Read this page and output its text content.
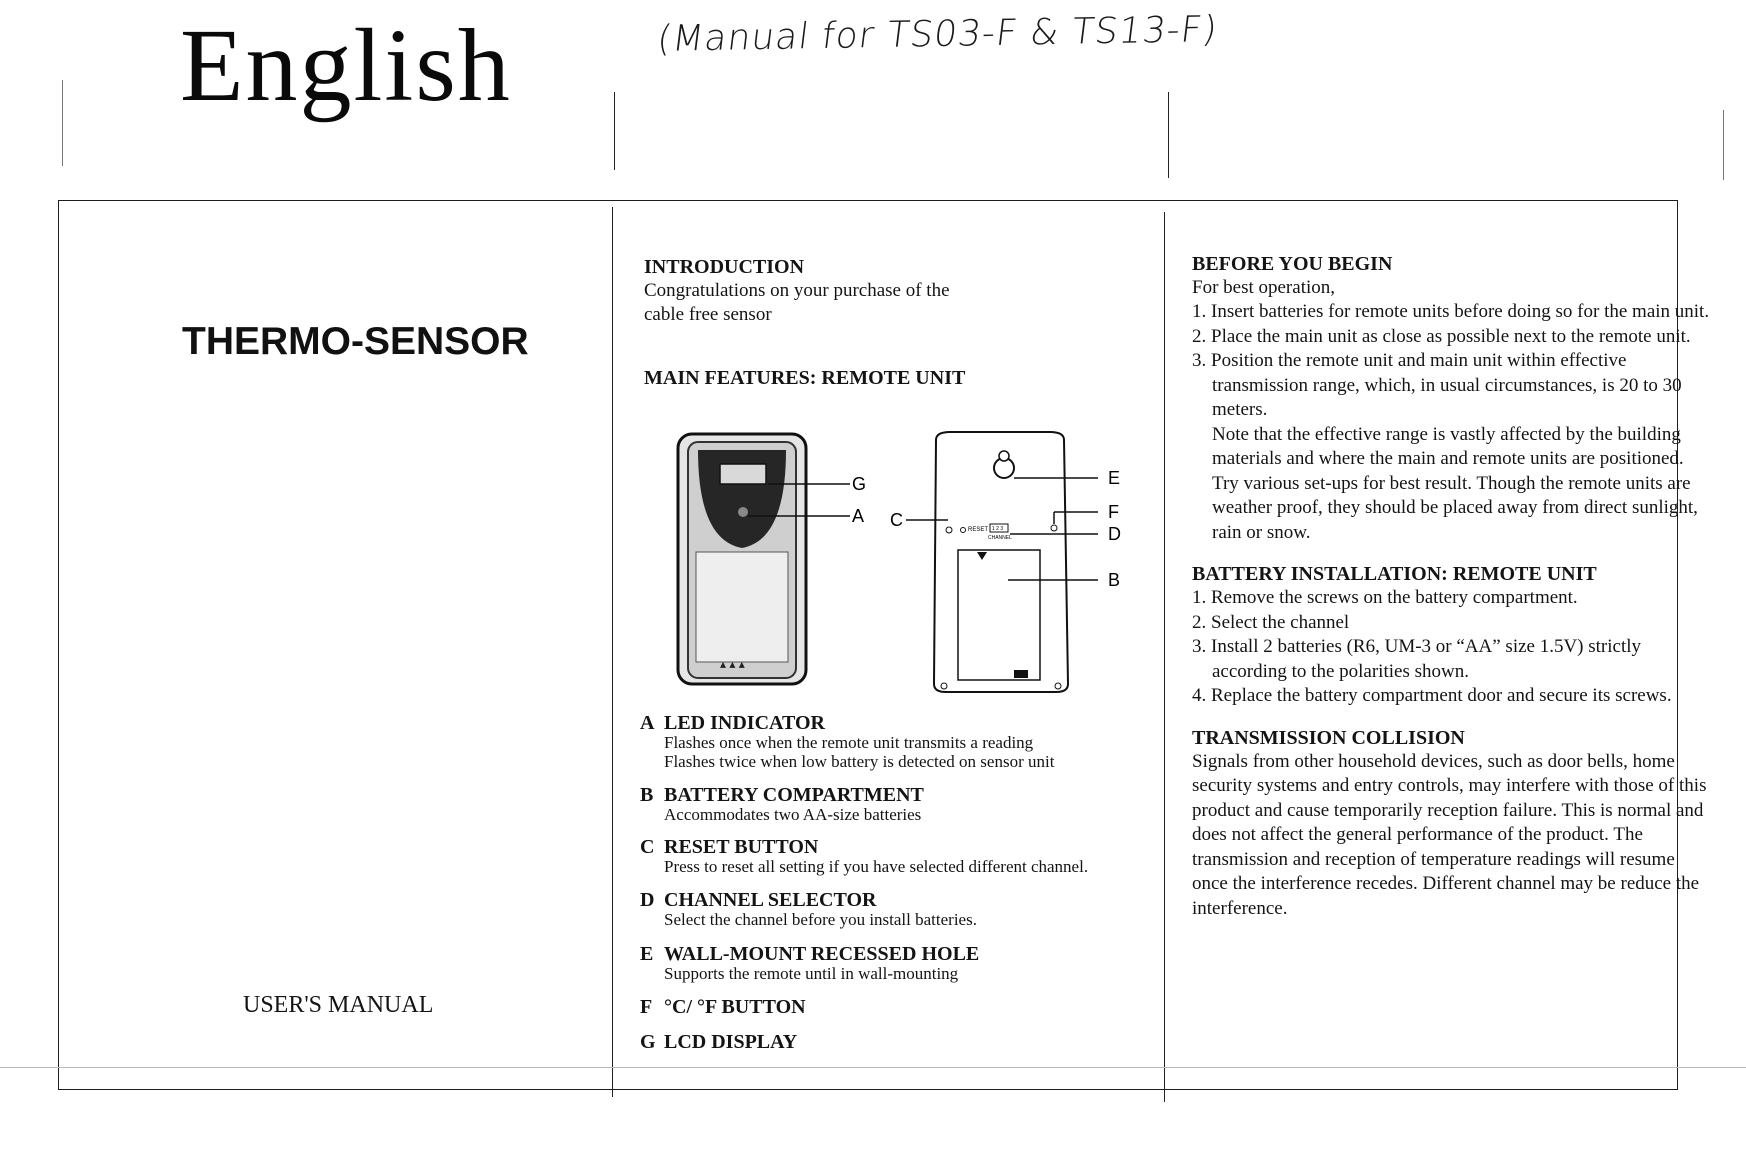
English	(Manual for TS03-F & TS13-F)
THERMO-SENSOR
USER'S MANUAL
INTRODUCTION
Congratulations on your purchase of the
cable free sensor
MAIN FEATURES: REMOTE UNIT
▴ ▴ ▴
G
A
RESET 1 2 3
CHANNEL
E
C	F
D
B
A LED INDICATOR
Flashes once when the remote unit transmits a reading
Flashes twice when low battery is detected on sensor unit
B BATTERY COMPARTMENT
Accommodates two AA-size batteries
C RESET BUTTON
Press to reset all setting if you have selected different channel.
D CHANNEL SELECTOR
Select the channel before you install batteries.
E WALL-MOUNT RECESSED HOLE
Supports the remote until in wall-mounting
F °C/ °F BUTTON
G LCD DISPLAY
BEFORE YOU BEGIN
For best operation,
1. Insert batteries for remote units before doing so for the main unit.
2. Place the main unit as close as possible next to the remote unit.
3. Position the remote unit and main unit within effective transmission range, which, in usual circumstances, is 20 to 30 meters.
Note that the effective range is vastly affected by the building materials and where the main and remote units are positioned. Try various set-ups for best result. Though the remote units are weather proof, they should be placed away from direct sunlight, rain or snow.
BATTERY INSTALLATION: REMOTE UNIT
1. Remove the screws on the battery compartment.
2. Select the channel
3. Install 2 batteries (R6, UM-3 or “AA” size 1.5V) strictly according to the polarities shown.
4. Replace the battery compartment door and secure its screws.
TRANSMISSION COLLISION
Signals from other household devices, such as door bells, home security systems and entry controls, may interfere with those of this product and cause temporarily reception failure. This is normal and does not affect the general performance of the product. The transmission and reception of temperature readings will resume once the interference recedes. Different channel may be reduce the interference.
